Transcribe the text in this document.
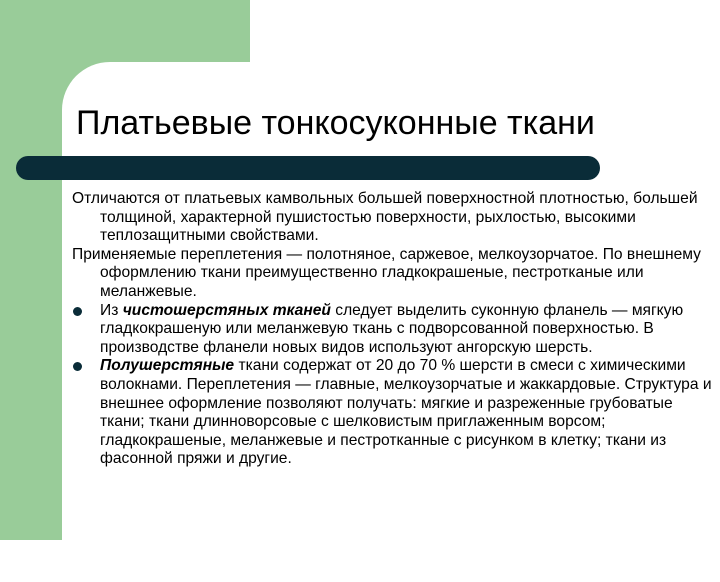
Платьевые тонкосуконные ткани
Отличаются от платьевых камвольных большей поверхностной плотностью, большей толщиной, характерной пушистостью поверхности, рыхлостью, высокими теплозащитными свойствами.
Применяемые переплетения — полотняное, саржевое, мелкоузорчатое. По внешнему оформлению ткани преимущественно гладкокрашеные, пестротканые или меланжевые.
Из чистошерстяных тканей следует выделить суконную фланель — мягкую гладкокрашеную или меланжевую ткань с подворсованной поверхностью. В производстве фланели новых видов используют ангорскую шерсть.
Полушерстяные ткани содержат от 20 до 70 % шерсти в смеси с химическими волокнами. Переплетения — главные, мелкоузорчатые и жаккардовые. Структура и внешнее оформление позволяют получать: мягкие и разреженные грубоватые ткани; ткани длинноворсовые с шелковистым приглаженным ворсом; гладкокрашеные, меланжевые и пестротканные с рисунком в клетку; ткани из фасонной пряжи и другие.
